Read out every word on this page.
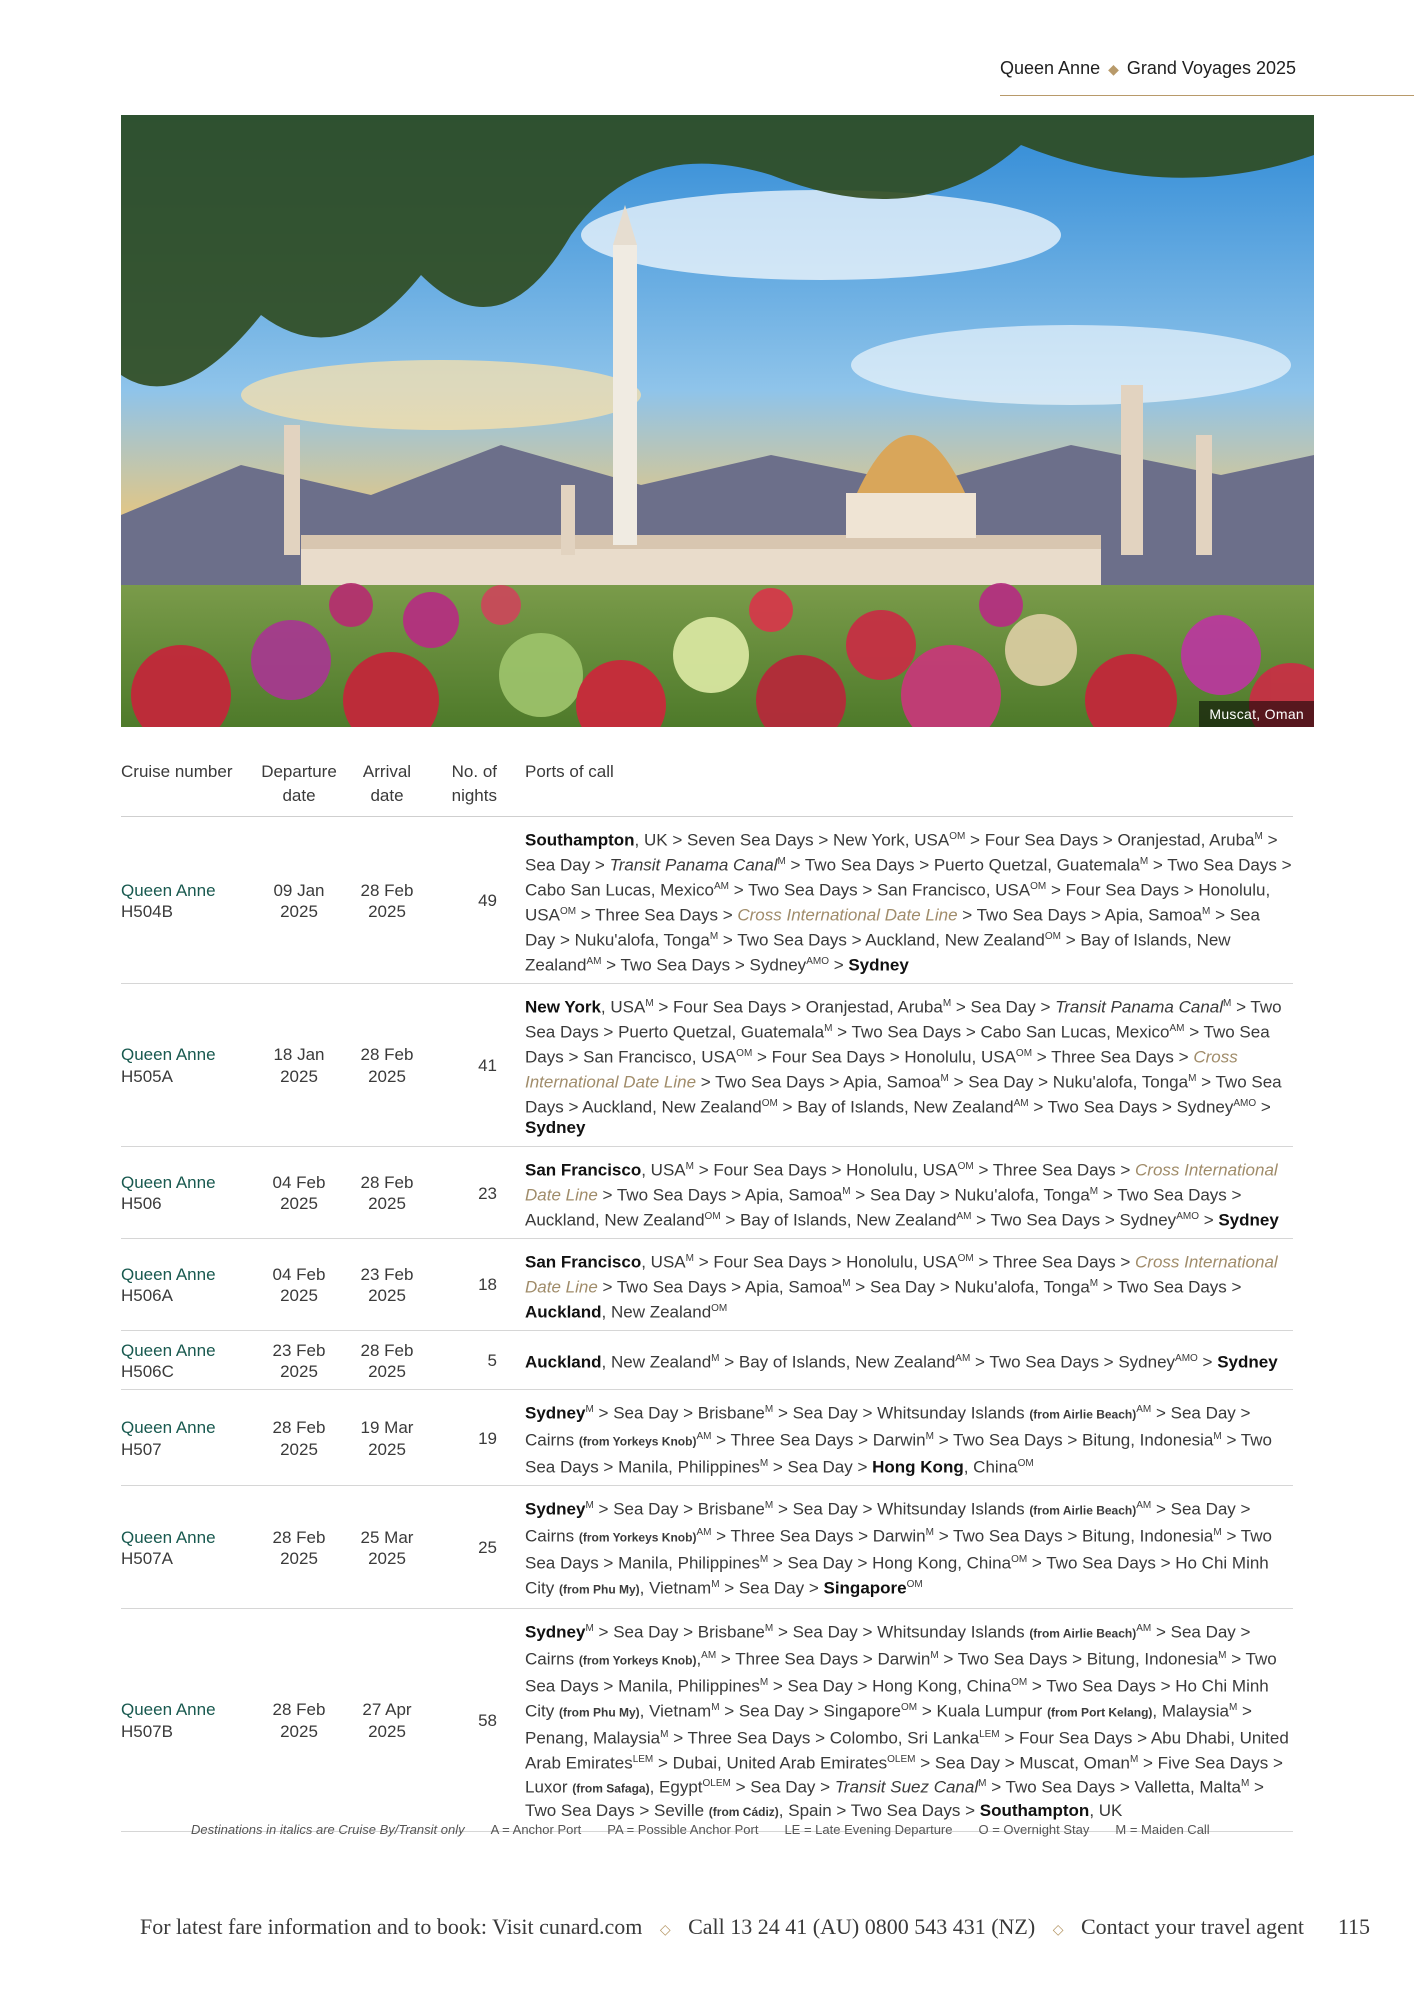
Queen Anne ◆ Grand Voyages 2025
Muscat, Oman
Cruise number	Departure
date
Arrival
date
No. of
nights
Ports of call
Queen Anne
H504B
09 Jan
2025
28 Feb
2025
49
Southampton, UK > Seven Sea Days > New York, $USA^{OM}$ > Four Sea Days > Oranjestad, Aruba$^M$ > Sea Day > Transit Panama Canal$^M$ > Two Sea Days > Puerto Quetzal, Guatemala$^M$ > Two Sea Days > Cabo San Lucas, Mexico$^{AM}$ > Two Sea Days > San Francisco, $USA^{OM}$ > Four Sea Days > Honolulu, $USA^{OM}$ > Three Sea Days > Cross International Date Line > Two Sea Days > Apia, Samoa$^M$ > Sea Day > Nuku'alofa, Tonga$^M$ > Two Sea Days > Auckland, New Zealand$^{OM}$ > Bay of Islands, New Zealand$^{AM}$ > Two Sea Days > Sydney$^{AMO}$ > Sydney
Queen Anne
H505A
18 Jan
2025
28 Feb
2025
41
New York, $USA^M$ > Four Sea Days > Oranjestad, Aruba$^M$ > Sea Day > Transit Panama Canal$^M$ > Two Sea Days > Puerto Quetzal, Guatemala$^M$ > Two Sea Days > Cabo San Lucas, Mexico$^{AM}$ > Two Sea Days > San Francisco, $USA^{OM}$ > Four Sea Days > Honolulu, $USA^{OM}$ > Three Sea Days > Cross International Date Line > Two Sea Days > Apia, Samoa$^M$ > Sea Day > Nuku'alofa, Tonga$^M$ > Two Sea Days > Auckland, New Zealand$^{OM}$ > Bay of Islands, New Zealand$^{AM}$ > Two Sea Days > Sydney$^{AMO}$ > Sydney
Queen Anne
H506
04 Feb
2025
28 Feb
2025
23
San Francisco, $USA^M$ > Four Sea Days > Honolulu, $USA^{OM}$ > Three Sea Days > Cross International Date Line > Two Sea Days > Apia, Samoa$^M$ > Sea Day > Nuku'alofa, Tonga$^M$ > Two Sea Days > Auckland, New Zealand$^{OM}$ > Bay of Islands, New Zealand$^{AM}$ > Two Sea Days > Sydney$^{AMO}$ > Sydney
Queen Anne
H506A
04 Feb
2025
23 Feb
2025
18
San Francisco, $USA^M$ > Four Sea Days > Honolulu, $USA^{OM}$ > Three Sea Days > Cross International Date Line > Two Sea Days > Apia, Samoa$^M$ > Sea Day > Nuku'alofa, Tonga$^M$ > Two Sea Days > Auckland, New Zealand$^{OM}$
Queen Anne
H506C
23 Feb
2025
28 Feb
2025
5	Auckland, New Zealand$^M$ > Bay of Islands, New Zealand$^{AM}$ > Two Sea Days > Sydney$^{AMO}$ > Sydney
Queen Anne
H507
28 Feb
2025
19 Mar
2025
19
Sydney$^M$ > Sea Day > Brisbane$^M$ > Sea Day > Whitsunday Islands (from Airlie Beach)$^{AM}$ > Sea Day > Cairns (from Yorkeys Knob)$^{AM}$ > Three Sea Days > Darwin$^M$ > Two Sea Days > Bitung, Indonesia$^M$ > Two Sea Days > Manila, Philippines$^M$ > Sea Day > Hong Kong, China$^{OM}$
Queen Anne
H507A
28 Feb
2025
25 Mar
2025
25
Sydney$^M$ > Sea Day > Brisbane$^M$ > Sea Day > Whitsunday Islands (from Airlie Beach)$^{AM}$ > Sea Day > Cairns (from Yorkeys Knob)$^{AM}$ > Three Sea Days > Darwin$^M$ > Two Sea Days > Bitung, Indonesia$^M$ > Two Sea Days > Manila, Philippines$^M$ > Sea Day > Hong Kong, China$^{OM}$ > Two Sea Days > Ho Chi Minh City (from Phu My), Vietnam$^M$ > Sea Day > Singapore$^{OM}$
Queen Anne
H507B
28 Feb
2025
27 Apr
2025
58
Sydney$^M$ > Sea Day > Brisbane$^M$ > Sea Day > Whitsunday Islands (from Airlie Beach)$^{AM}$ > Sea Day > Cairns (from Yorkeys Knob),$^{AM}$ > Three Sea Days > Darwin$^M$ > Two Sea Days > Bitung, Indonesia$^M$ > Two Sea Days > Manila, Philippines$^M$ > Sea Day > Hong Kong, China$^{OM}$ > Two Sea Days > Ho Chi Minh City (from Phu My), Vietnam$^M$ > Sea Day > Singapore$^{OM}$ > Kuala Lumpur (from Port Kelang), Malaysia$^M$ > Penang, Malaysia$^M$ > Three Sea Days > Colombo, Sri Lanka$^{LEM}$ > Four Sea Days > Abu Dhabi, United Arab Emirates$^{LEM}$ > Dubai, United Arab Emirates$^{OLEM}$ > Sea Day > Muscat, Oman$^M$ > Five Sea Days > Luxor (from Safaga), Egypt$^{OLEM}$ > Sea Day > Transit Suez Canal$^M$ > Two Sea Days > Valletta, Malta$^M$ > Two Sea Days > Seville (from Cádiz), Spain > Two Sea Days > Southampton, UK
Destinations in italics are Cruise By/Transit only A = Anchor Port PA = Possible Anchor Port LE = Late Evening Departure O = Overnight Stay M = Maiden Call
For latest fare information and to book: Visit cunard.com ◇ Call 13 24 41 (AU) 0800 543 431 (NZ) ◇ Contact your travel agent 115
